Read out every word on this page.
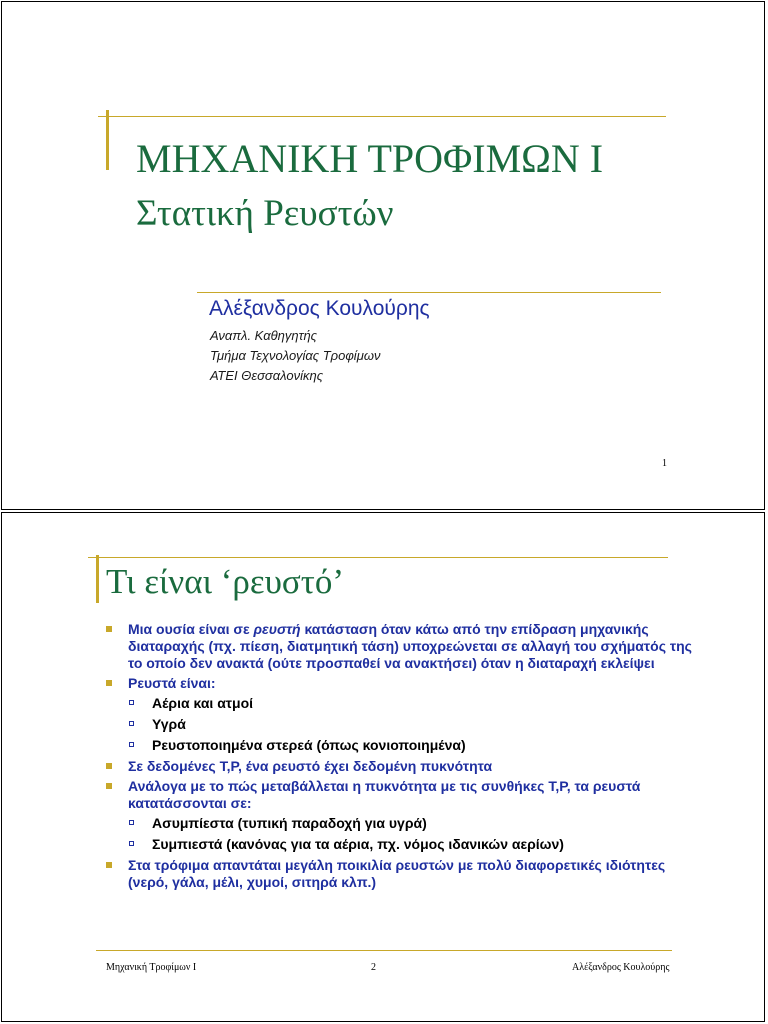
ΜΗΧΑΝΙΚΗ ΤΡΟΦΙΜΩΝ Ι
Στατική Ρευστών
Αλέξανδρος Κουλούρης
Αναπλ. Καθηγητής
Τμήμα Τεχνολογίας Τροφίμων
ΑΤΕΙ Θεσσαλονίκης
1
Τι είναι ‘ρευστό’
Μια ουσία είναι σε ρευστή κατάσταση όταν κάτω από την επίδραση μηχανικής διαταραχής (πχ. πίεση, διατμητική τάση) υποχρεώνεται σε αλλαγή του σχήματός της το οποίο δεν ανακτά (ούτε προσπαθεί να ανακτήσει) όταν η διαταραχή εκλείψει
Ρευστά είναι:
Αέρια και ατμοί
Υγρά
Ρευστοποιημένα στερεά (όπως κονιοποιημένα)
Σε δεδομένες T,P, ένα ρευστό έχει δεδομένη πυκνότητα
Ανάλογα με το πώς μεταβάλλεται η πυκνότητα με τις συνθήκες T,P, τα ρευστά κατατάσσονται σε:
Ασυμπίεστα (τυπική παραδοχή για υγρά)
Συμπιεστά (κανόνας για τα αέρια, πχ. νόμος ιδανικών αερίων)
Στα τρόφιμα απαντάται μεγάλη ποικιλία ρευστών με πολύ διαφορετικές ιδιότητες (νερό, γάλα, μέλι, χυμοί, σιτηρά κλπ.)
Μηχανική Τροφίμων Ι	2	Αλέξανδρος Κουλούρης
